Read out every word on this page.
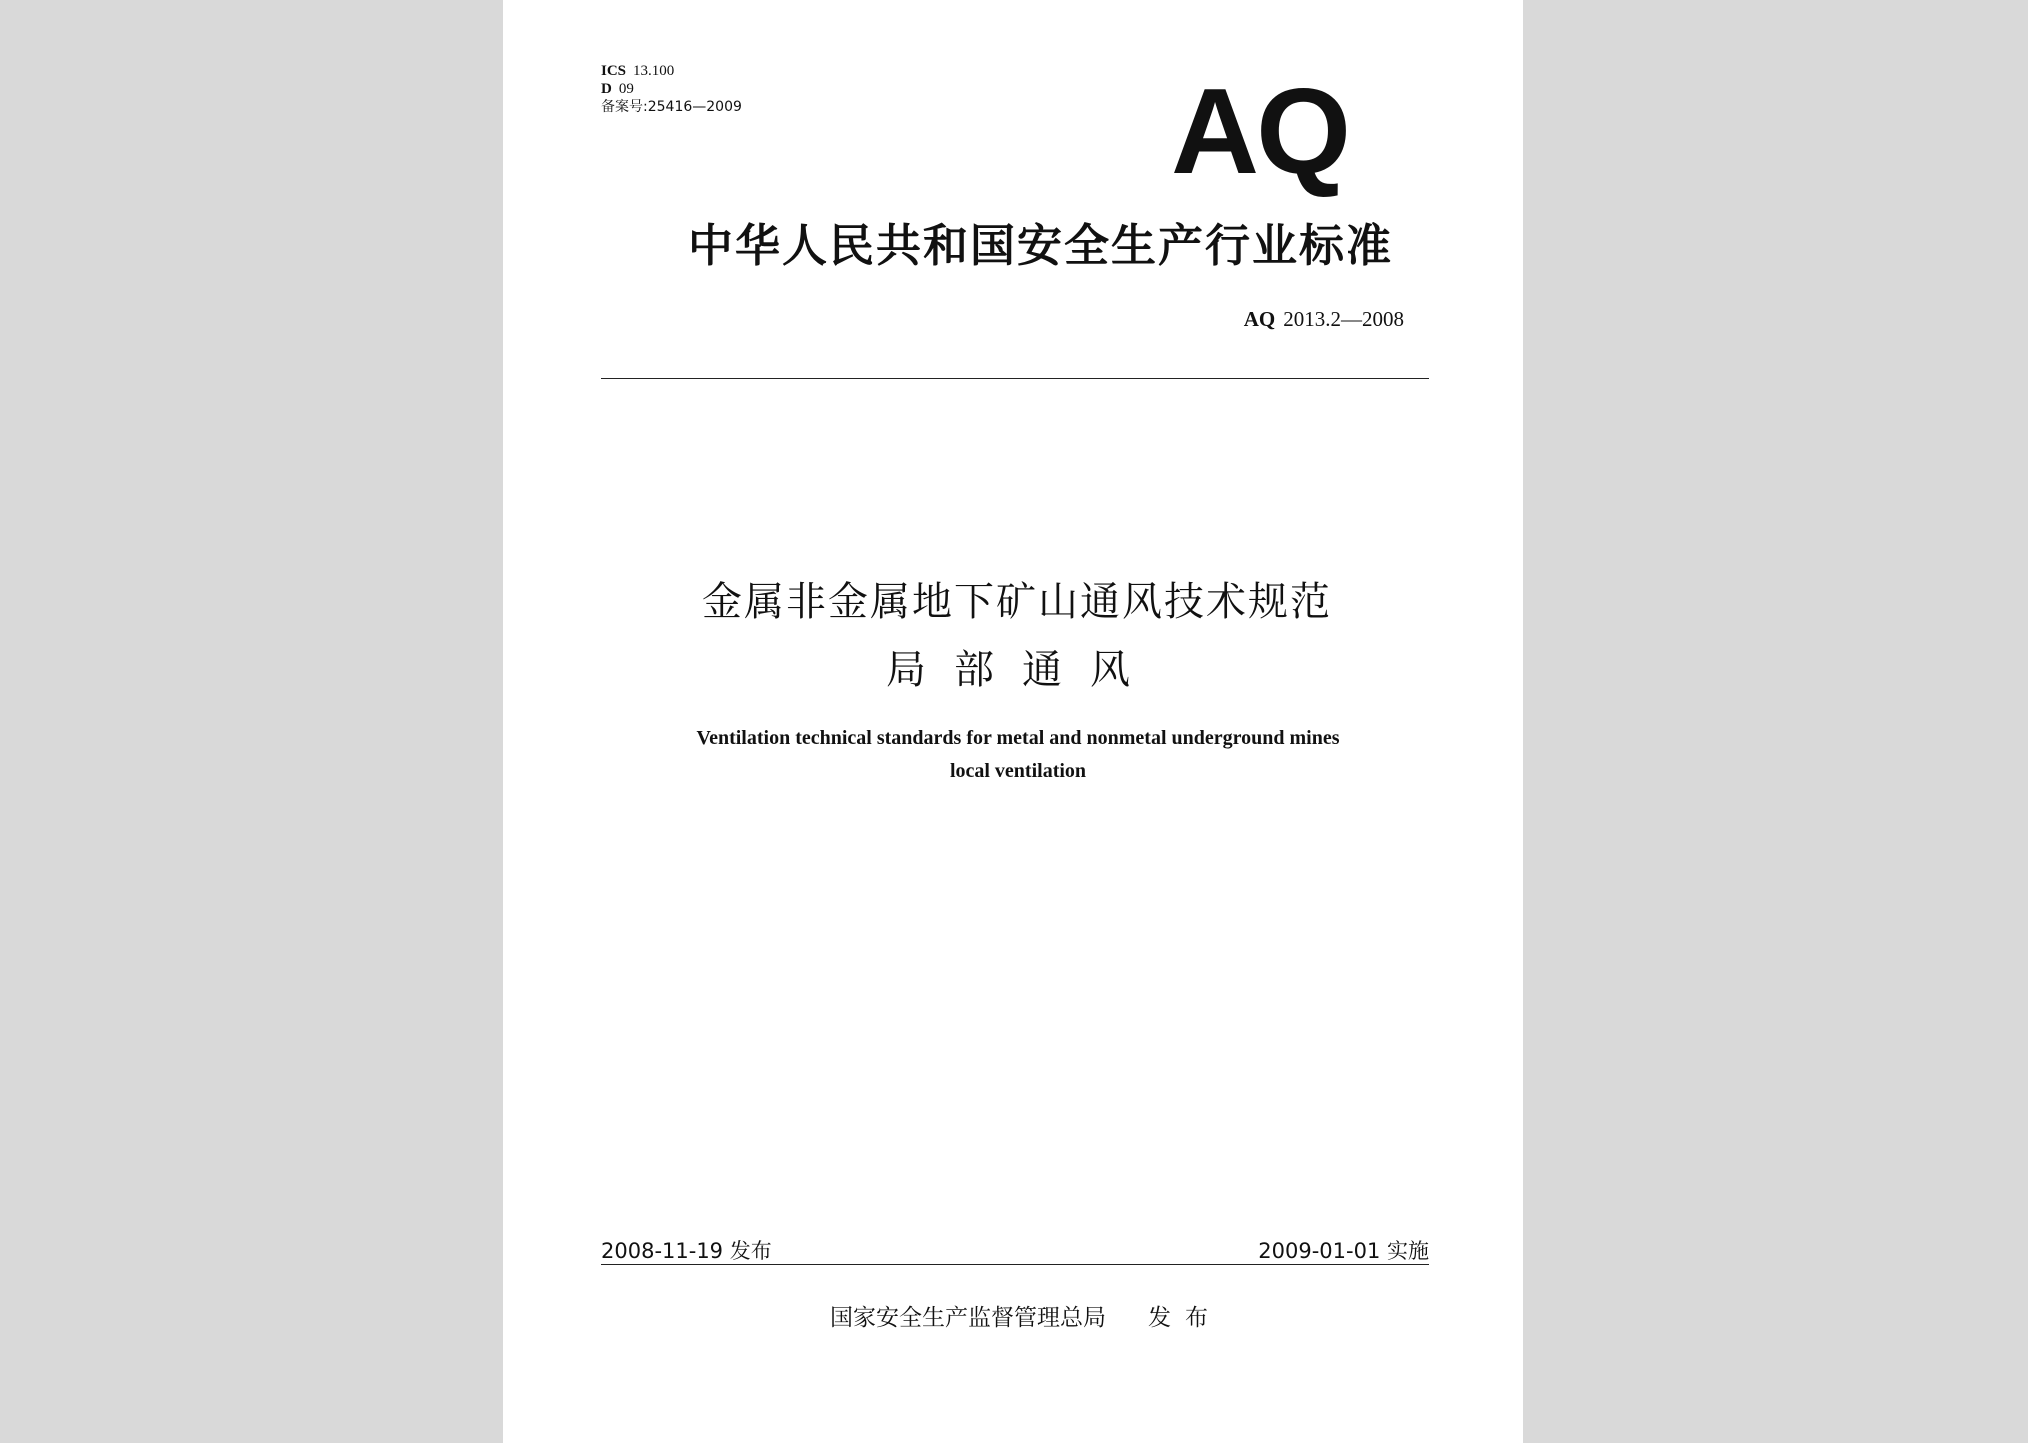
ICS 13.100
D 09
备案号:25416—2009	AQ
中华人民共和国安全生产行业标准
AQ 2013.2—2008
金属非金属地下矿山通风技术规范
局部通风
Ventilation technical standards for metal and nonmetal underground mines
local ventilation
2008-11-19 发布	2009-01-01 实施
国家安全生产监督管理总局 发布
